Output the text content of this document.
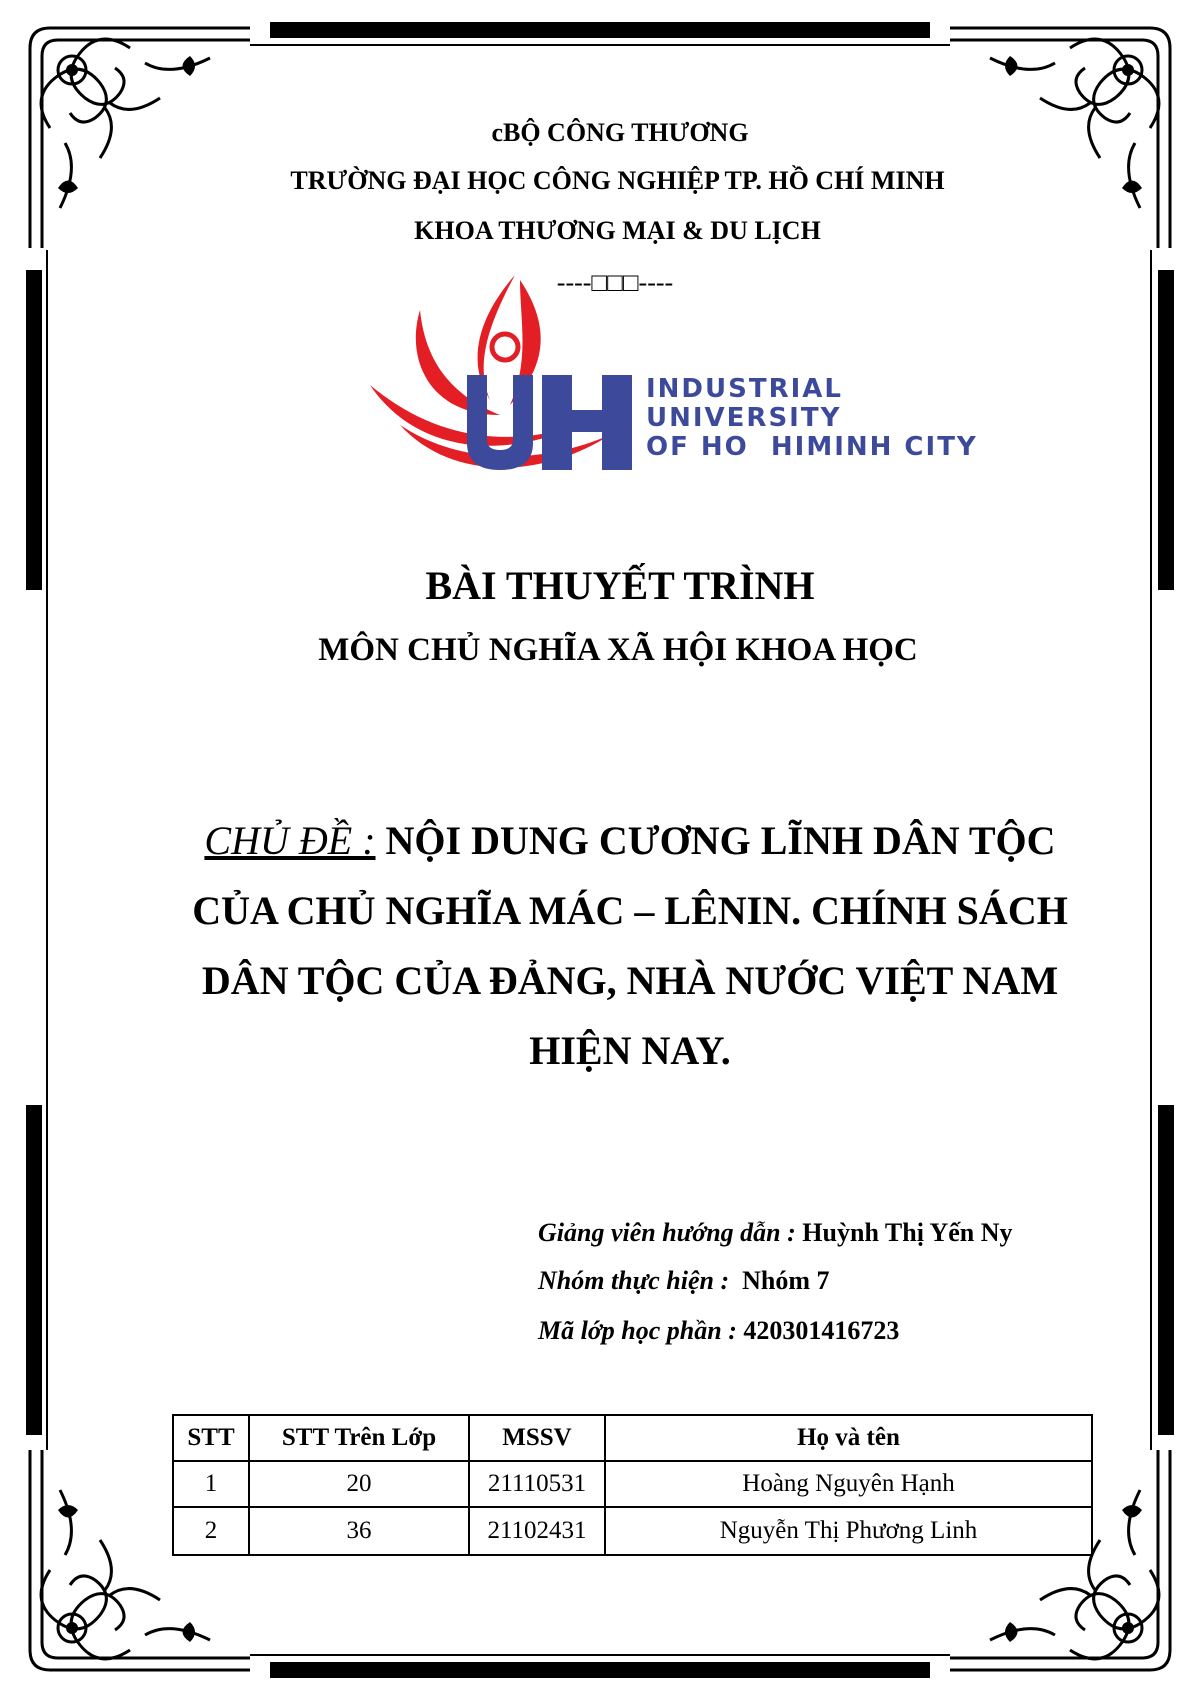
cBỘ CÔNG THƯƠNG
TRƯỜNG ĐẠI HỌC CÔNG NGHIỆP TP. HỒ CHÍ MINH
KHOA THƯƠNG MẠI & DU LỊCH
----□□□----
INDUSTRIAL
UNIVERSITY
OF HO  HIMINH CITY
BÀI THUYẾT TRÌNH
MÔN CHỦ NGHĨA XÃ HỘI KHOA HỌC
CHỦ ĐỀ : NỘI DUNG CƯƠNG LĨNH DÂN TỘC
CỦA CHỦ NGHĨA MÁC – LÊNIN. CHÍNH SÁCH
DÂN TỘC CỦA ĐẢNG, NHÀ NƯỚC VIỆT NAM
HIỆN NAY.
Giảng viên hướng dẫn : Huỳnh Thị Yến Ny
Nhóm thực hiện : Nhóm 7
Mã lớp học phần : 420301416723
STT	STT Trên Lớp	MSSV	Họ và tên
1	20	21110531	Hoàng Nguyên Hạnh
2	36	21102431	Nguyễn Thị Phương Linh
